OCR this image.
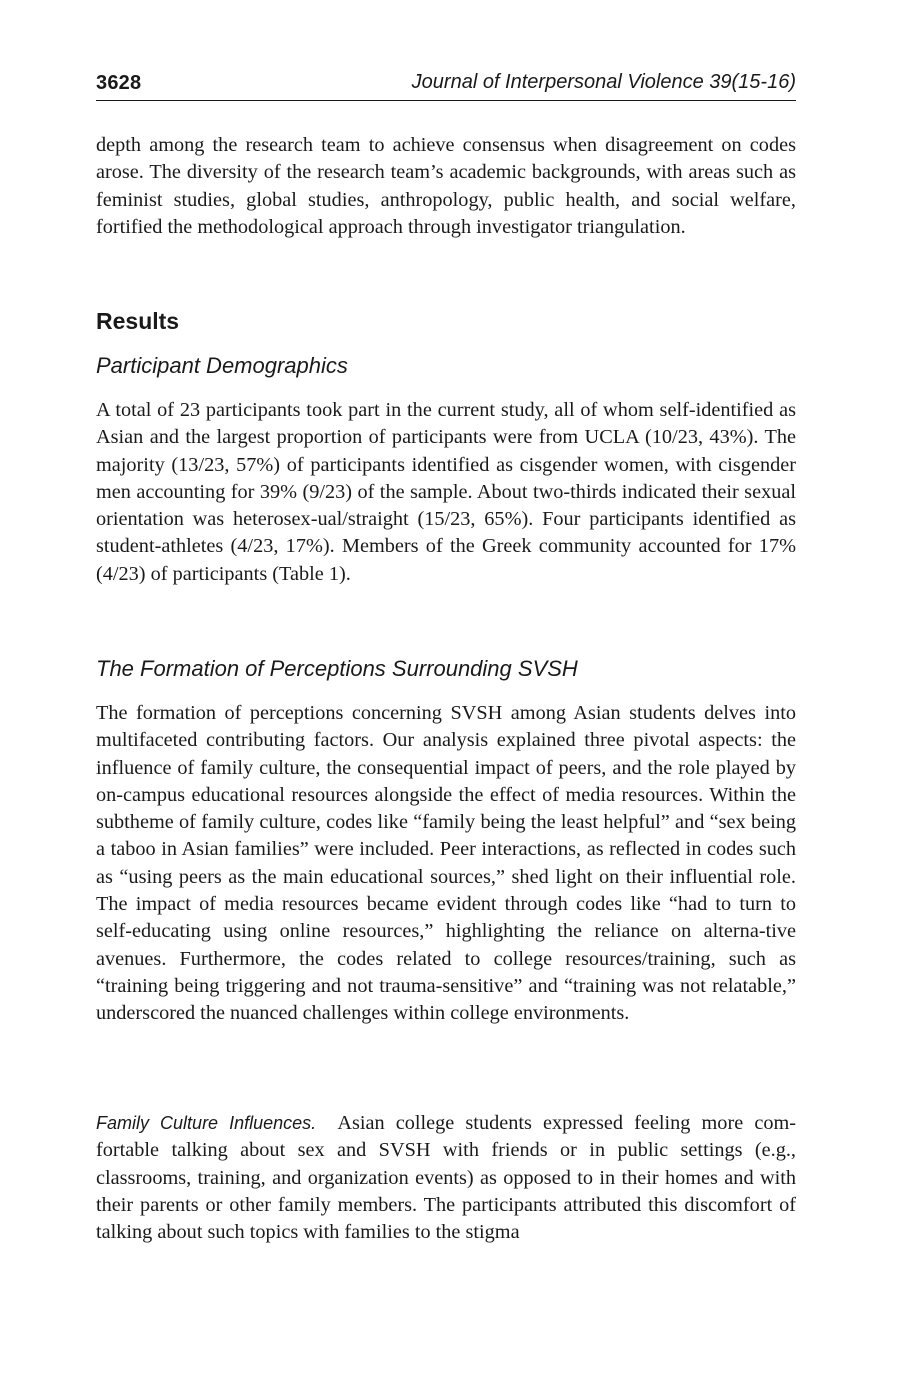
3628	Journal of Interpersonal Violence 39(15-16)

depth among the research team to achieve consensus when disagreement on codes arose. The diversity of the research team’s academic backgrounds, with areas such as feminist studies, global studies, anthropology, public health, and social welfare, fortified the methodological approach through investigator triangulation.

Results
Participant Demographics

A total of 23 participants took part in the current study, all of whom self-identified as Asian and the largest proportion of participants were from UCLA (10/23, 43%). The majority (13/23, 57%) of participants identified as cisgender women, with cisgender men accounting for 39% (9/23) of the sample. About two-thirds indicated their sexual orientation was heterosex-ual/straight (15/23, 65%). Four participants identified as student-athletes (4/23, 17%). Members of the Greek community accounted for 17% (4/23) of participants (Table 1).

The Formation of Perceptions Surrounding SVSH

The formation of perceptions concerning SVSH among Asian students delves into multifaceted contributing factors. Our analysis explained three pivotal aspects: the influence of family culture, the consequential impact of peers, and the role played by on-campus educational resources alongside the effect of media resources. Within the subtheme of family culture, codes like “family being the least helpful” and “sex being a taboo in Asian families” were included. Peer interactions, as reflected in codes such as “using peers as the main educational sources,” shed light on their influential role. The impact of media resources became evident through codes like “had to turn to self-educating using online resources,” highlighting the reliance on alterna-tive avenues. Furthermore, the codes related to college resources/training, such as “training being triggering and not trauma-sensitive” and “training was not relatable,” underscored the nuanced challenges within college environments.

Family Culture Influences. Asian college students expressed feeling more com-fortable talking about sex and SVSH with friends or in public settings (e.g., classrooms, training, and organization events) as opposed to in their homes and with their parents or other family members. The participants attributed this discomfort of talking about such topics with families to the stigma
